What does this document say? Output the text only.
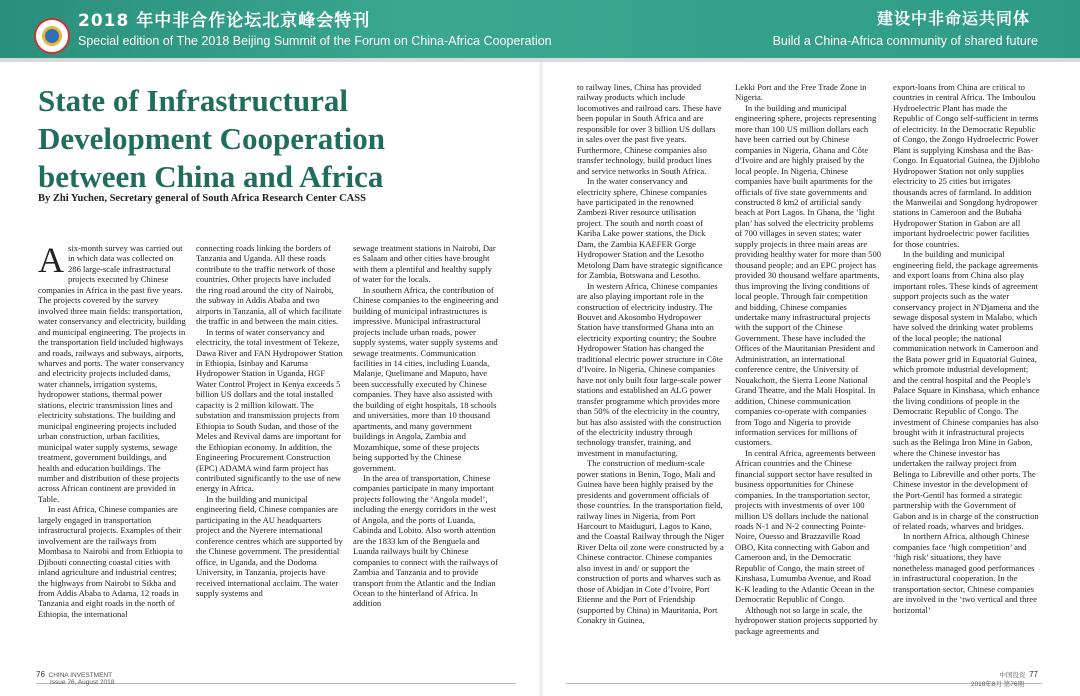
2018 年中非合作论坛北京峰会特刊
Special edition of The 2018 Beijing Summit of the Forum on China-Africa Cooperation
建设中非命运共同体
Build a China-Africa community of shared future
State of Infrastructural Development Cooperation between China and Africa
By Zhi Yuchen, Secretary general of South Africa Research Center CASS

Asix-month survey was carried out in which data was collected on 286 large-scale infrastructural projects executed by Chinese companies in Africa in the past five years. The projects covered by the survey involved three main fields: transportation, water conservancy and electricity, building and municipal engineering. The projects in the transportation field included highways and roads, railways and subways, airports, wharves and ports. The water conservancy and electricity projects included dams, water channels, irrigation systems, hydropower stations, thermal power stations, electric transmission lines and electricity substations. The building and municipal engineering projects included urban construction, urban facilities, municipal water supply systems, sewage treatment, government buildings, and health and education buildings. The number and distribution of these projects across African continent are provided in Table.

In east Africa, Chinese companies are largely engaged in transportation infrastructural projects. Examples of their involvement are the railways from Mombasa to Nairobi and from Ethiopia to Djibouti connecting coastal cities with inland agriculture and industrial centres; the highways from Nairobi to Sikha and from Addis Ababa to Adama, 12 roads in Tanzania and eight roads in the north of Ethiopia, the international

connecting roads linking the borders of Tanzania and Uganda. All these roads contribute to the traffic network of those countries. Other projects have included the ring road around the city of Nairobi, the subway in Addis Ababa and two airports in Tanzania, all of which facilitate the traffic in and between the main cities.

In terms of water conservancy and electricity, the total investment of Tekeze, Dawa River and FAN Hydropower Station in Ethiopia, Isinbay and Karuma Hydropower Station in Uganda, HGF Water Control Project in Kenya exceeds 5 billion US dollars and the total installed capacity is 2 million kilowatt. The substation and transmission projects from Ethiopia to South Sudan, and those of the Meles and Revival dams are important for the Ethiopian economy. In addition, the Engineering Procurement Construction (EPC) ADAMA wind farm project has contributed significantly to the use of new energy in Africa.

In the building and municipal engineering field, Chinese companies are participating in the AU headquarters project and the Nyerere international conference centres which are supported by the Chinese government. The presidential office, in Uganda, and the Dodoma University, in Tanzania, projects have received international acclaim. The water supply systems and

sewage treatment stations in Nairobi, Dar es Salaam and other cities have brought with them a plentiful and healthy supply of water for the locals.

In southern Africa, the contribution of Chinese companies to the engineering and building of municipal infrastructures is impressive. Municipal infrastructural projects include urban roads, power supply systems, water supply systems and sewage treatments. Communication facilities in 14 cities, including Luanda, Malanje, Quelimane and Maputo, have been successfully executed by Chinese companies. They have also assisted with the building of eight hospitals, 18 schools and universities, more than 10 thousand apartments, and many government buildings in Angola, Zambia and Mozambique, some of these projects being supported by the Chinese government.

In the area of transportation, Chinese companies participate in many important projects following the ‘Angola model’, including the energy corridors in the west of Angola, and the ports of Luanda, Cabinda and Lobito. Also worth attention are the 1833 km of the Benguela and Luanda railways built by Chinese companies to connect with the railways of Zambia and Tanzania and to provide transport from the Atlantic and the Indian Ocean to the hinterland of Africa. In addition

to railway lines, China has provided railway products which include locomotives and railroad cars. These have been popular in South Africa and are responsible for over 3 billion US dollars in sales over the past five years. Furthermore, Chinese companies also transfer technology, build product lines and service networks in South Africa.

In the water conservancy and electricity sphere, Chinese companies have participated in the renowned Zambezi River resource utilisation project. The south and north coast of Kariba Lake power stations, the Dick Dam, the Zambia KAEFER Gorge Hydropower Station and the Lesotho Metolong Dam have strategic significance for Zambia, Botswana and Lesotho.

In western Africa, Chinese companies are also playing important role in the construction of electricity industry. The Bouvet and Akosombo Hydropower Station have transformed Ghana into an electricity exporting country; the Soubre Hydropower Station has changed the traditional electric power structure in Côte d’Ivoire. In Nigeria, Chinese companies have not only built four large-scale power stations and established an ALG power transfer programme which provides more than 50% of the electricity in the country, but has also assisted with the construction of the electricity industry through technology transfer, training, and investment in manufacturing.

The construction of medium-scale power stations in Benin, Togo, Mali and Guinea have been highly praised by the presidents and government officials of those countries. In the transportation field, railway lines in Nigeria, from Port Harcourt to Maiduguri, Lagos to Kano, and the Coastal Railway through the Niger River Delta oil zone were constructed by a Chinese contractor. Chinese companies also invest in and/ or support the construction of ports and wharves such as those of Abidjan in Cote d’Ivoire, Port Etienne and the Port of Friendship (supported by China) in Mauritania, Port Conakry in Guinea,

Lekki Port and the Free Trade Zone in Nigeria.

In the building and municipal engineering sphere, projects representing more than 100 US million dollars each have been carried out by Chinese companies in Nigeria, Ghana and Côte d’Ivoire and are highly praised by the local people. In Nigeria, Chinese companies have built apartments for the officials of five state governments and constructed 8 km2 of artificial sandy beach at Port Lagos. In Ghana, the ‘light plan’ has solved the electricity problems of 700 villages in seven states; water supply projects in three main areas are providing healthy water for more than 500 thousand people; and an EPC project has provided 30 thousand welfare apartments, thus improving the living conditions of local people. Through fair competition and bidding, Chinese companies undertake many infrastructural projects with the support of the Chinese Government. These have included the Offices of the Mauritanian President and Administration, an international conference centre, the University of Nouakchott, the Sierra Leone National Grand Theatre, and the Mali Hospital. In addition, Chinese communication companies co-operate with companies from Togo and Nigeria to provide information services for millions of customers.

In central Africa, agreements between African countries and the Chinese financial support sector have resulted in business opportunities for Chinese companies. In the transportation sector, projects with investments of over 100 million US dollars include the national roads N-1 and N-2 connecting Pointe-Noire, Ouesso and Brazzaville Road OBO, Kita connecting with Gabon and Cameroon and, in the Democratic Republic of Congo, the main street of Kinshasa, Lumumba Avenue, and Road K-K leading to the Atlantic Ocean in the Democratic Republic of Congo.

Although not so large in scale, the hydropower station projects supported by package agreements and

export-loans from China are critical to countries in central Africa. The Imboulou Hydroelectric Plant has made the Republic of Congo self-sufficient in terms of electricity. In the Democratic Republic of Congo, the Zongo Hydroelectric Power Plant is supplying Kinshasa and the Bas-Congo. In Equatorial Guinea, the Djibloho Hydropower Station not only supplies electricity to 25 cities but irrigates thousands acres of farmland. In addition the Manweilai and Songdong hydropower stations in Cameroon and the Bubaha Hydropower Station in Gabon are all important hydroelectric power facilities for those countries.

In the building and municipal engineering field, the package agreements and export loans from China also play important roles. These kinds of agreement support projects such as the water conservancy project in N'Djamena and the sewage disposal system in Malabo, which have solved the drinking water problems of the local people; the national communication network in Cameroon and the Bata power grid in Equatorial Guinea, which promote industrial development; and the central hospital and the People's Palace Square in Kinshasa, which enhance the living conditions of people in the Democratic Republic of Congo. The investment of Chinese companies has also brought with it infrastructural projects such as the Belinga Iron Mine in Gabon, where the Chinese investor has undertaken the railway project from Belinga to Libreville and other ports. The Chinese investor in the development of the Port-Gentil has formed a strategic partnership with the Government of Gabon and is in charge of the construction of related roads, wharves and bridges.

In northern Africa, although Chinese companies face ‘high competition’ and ‘high risk’ situations, they have nonetheless managed good performances in infrastructural cooperation. In the transportation sector, Chinese companies are involved in the ‘two vertical and three horizontal’

76 CHINA INVESTMENT
Issue 76, August 2018
中国投资 77
2018年8月 第76期
